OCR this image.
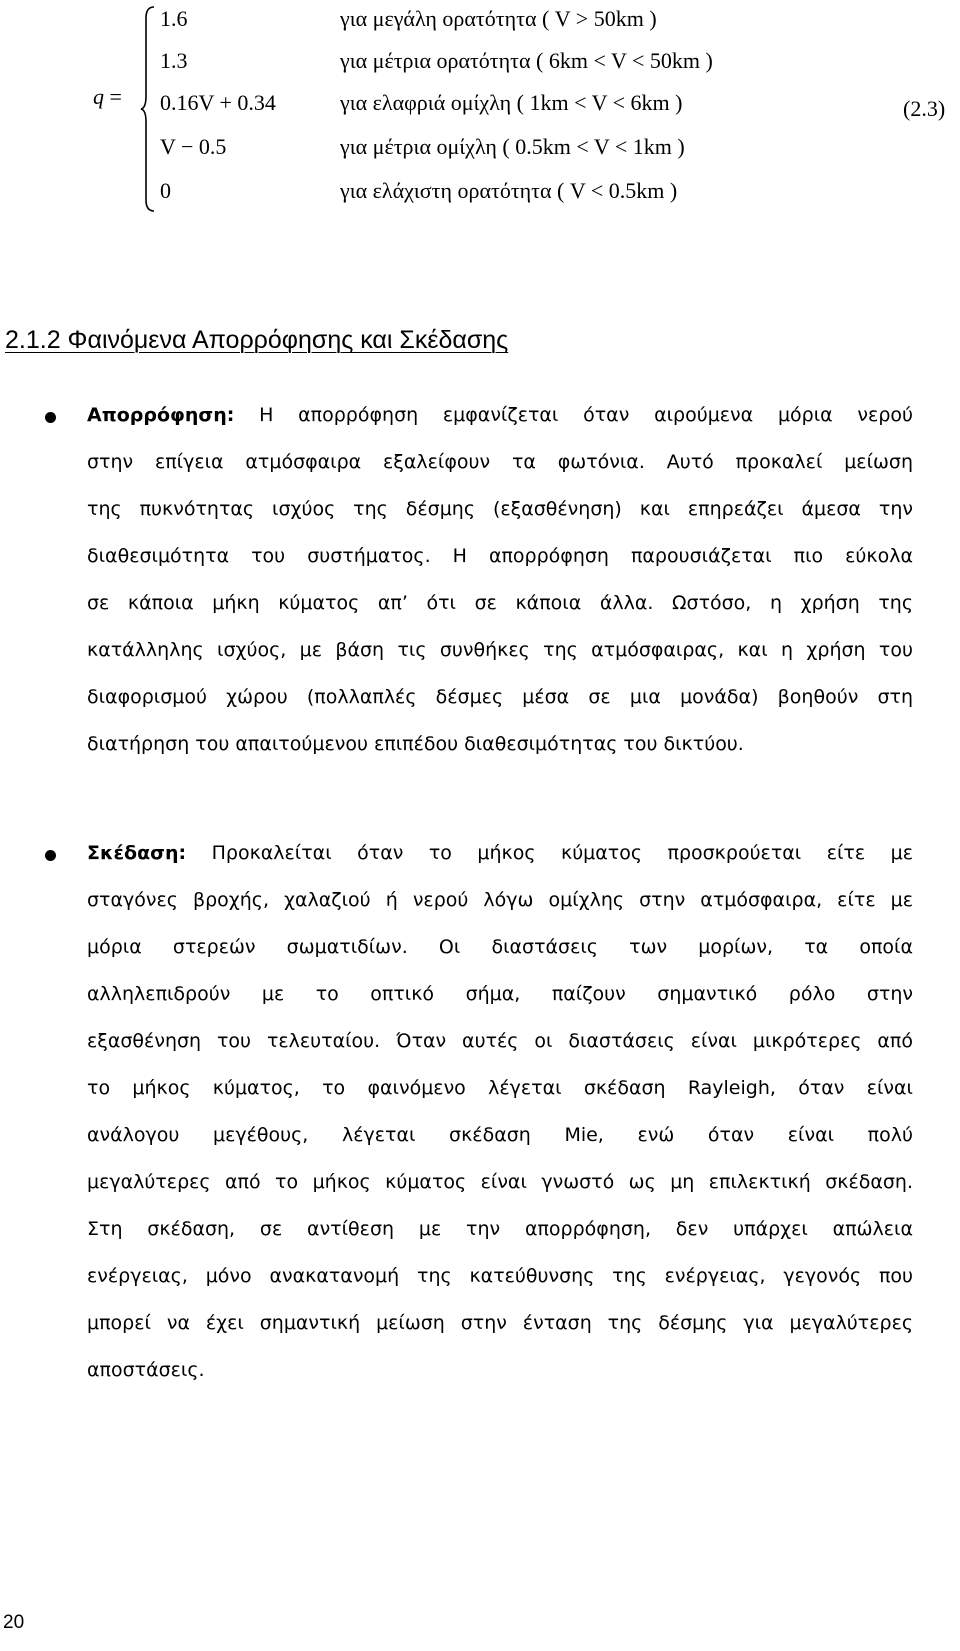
q =
1.6	για μεγάλη ορατότητα ( V > 50km )
1.3	για μέτρια ορατότητα ( 6km < V < 50km )
0.16V + 0.34	για ελαφριά ομίχλη ( 1km < V < 6km )
V − 0.5	για μέτρια ομίχλη ( 0.5km < V < 1km )
0	για ελάχιστη ορατότητα ( V < 0.5km )
(2.3)
2.1.2 Φαινόμενα Απορρόφησης και Σκέδασης

Απορρόφηση: Η απορρόφηση εμφανίζεται όταν αιρούμενα μόρια νερού
στην επίγεια ατμόσφαιρα εξαλείφουν τα φωτόνια. Αυτό προκαλεί μείωση
της πυκνότητας ισχύος της δέσμης (εξασθένηση) και επηρεάζει άμεσα την
διαθεσιμότητα του συστήματος. Η απορρόφηση παρουσιάζεται πιο εύκολα
σε κάποια μήκη κύματος απ’ ότι σε κάποια άλλα. Ωστόσο, η χρήση της
κατάλληλης ισχύος, με βάση τις συνθήκες της ατμόσφαιρας, και η χρήση του
διαφορισμού χώρου (πολλαπλές δέσμες μέσα σε μια μονάδα) βοηθούν στη
διατήρηση του απαιτούμενου επιπέδου διαθεσιμότητας του δικτύου.

Σκέδαση: Προκαλείται όταν το μήκος κύματος προσκρούεται είτε με
σταγόνες βροχής, χαλαζιού ή νερού λόγω ομίχλης στην ατμόσφαιρα, είτε με
μόρια στερεών σωματιδίων. Οι διαστάσεις των μορίων, τα οποία
αλληλεπιδρούν με το οπτικό σήμα, παίζουν σημαντικό ρόλο στην
εξασθένηση του τελευταίου. Όταν αυτές οι διαστάσεις είναι μικρότερες από
το μήκος κύματος, το φαινόμενο λέγεται σκέδαση Rayleigh, όταν είναι
ανάλογου μεγέθους, λέγεται σκέδαση Mie, ενώ όταν είναι πολύ
μεγαλύτερες από το μήκος κύματος είναι γνωστό ως μη επιλεκτική σκέδαση.
Στη σκέδαση, σε αντίθεση με την απορρόφηση, δεν υπάρχει απώλεια
ενέργειας, μόνο ανακατανομή της κατεύθυνσης της ενέργειας, γεγονός που
μπορεί να έχει σημαντική μείωση στην ένταση της δέσμης για μεγαλύτερες
αποστάσεις.

20
